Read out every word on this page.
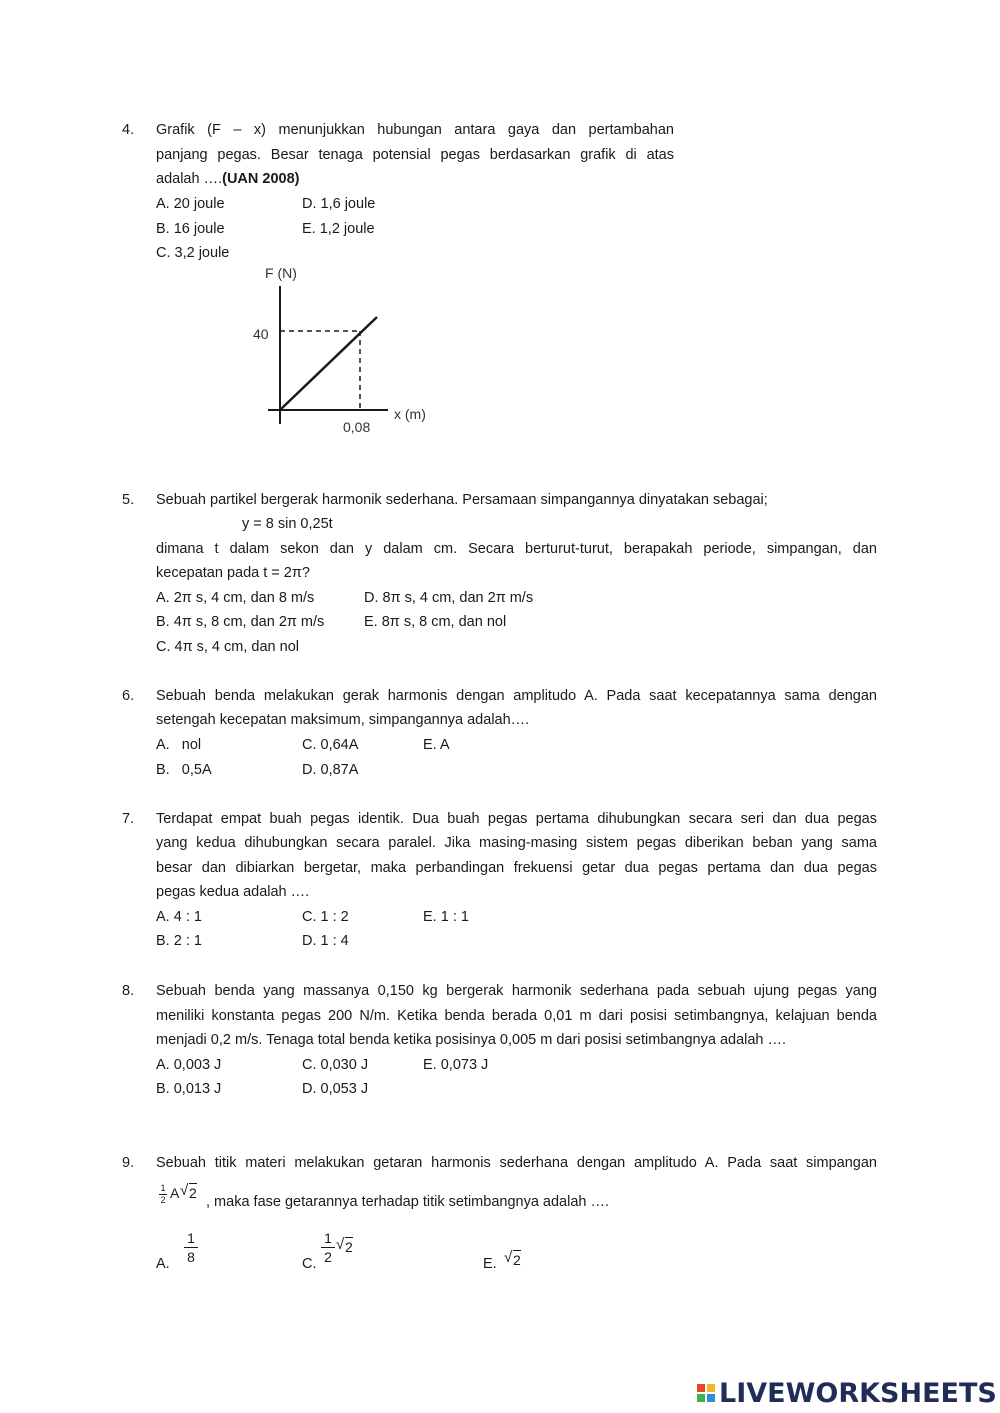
4. Grafik (F – x) menunjukkan hubungan antara gaya dan pertambahan
panjang pegas. Besar tenaga potensial pegas berdasarkan grafik di atas
adalah ….(UAN 2008)
A. 20 joule	D. 1,6 joule
B. 16 joule	E. 1,2 joule
C. 3,2 joule
F (N)
x (m)
40
0,08
5. Sebuah partikel bergerak harmonik sederhana. Persamaan simpangannya dinyatakan sebagai;
y = 8 sin 0,25t
dimana t dalam sekon dan y dalam cm. Secara berturut-turut, berapakah periode, simpangan, dan
kecepatan pada t = 2π?
A. 2π s, 4 cm, dan 8 m/s	D. 8π s, 4 cm, dan 2π m/s
B. 4π s, 8 cm, dan 2π m/s	E. 8π s, 8 cm, dan nol
C. 4π s, 4 cm, dan nol
6. Sebuah benda melakukan gerak harmonis dengan amplitudo A. Pada saat kecepatannya sama dengan
setengah kecepatan maksimum, simpangannya adalah….
A.   nol	C. 0,64A	E. A
B.   0,5A	D. 0,87A
7. Terdapat empat buah pegas identik. Dua buah pegas pertama dihubungkan secara seri dan dua pegas
yang kedua dihubungkan secara paralel. Jika masing-masing sistem pegas diberikan beban yang sama
besar dan dibiarkan bergetar, maka perbandingan frekuensi getar dua pegas pertama dan dua pegas
pegas kedua adalah ….
A. 4 : 1	C. 1 : 2	E. 1 : 1
B. 2 : 1	D. 1 : 4
8. Sebuah benda yang massanya 0,150 kg bergerak harmonik sederhana pada sebuah ujung pegas yang
meniliki konstanta pegas 200 N/m. Ketika benda berada 0,01 m dari posisi setimbangnya, kelajuan benda
menjadi 0,2 m/s. Tenaga total benda ketika posisinya 0,005 m dari posisi setimbangnya adalah ….
A. 0,003 J	C. 0,030 J	E. 0,073 J
B. 0,013 J	D. 0,053 J
9. Sebuah titik materi melakukan getaran harmonis sederhana dengan amplitudo A. Pada saat simpangan
1
2 A √ 2
, maka fase getarannya terhadap titik setimbangnya adalah ….
A.
1
8	C.
1
2
√ 2
E. √ 2
LIVEWORKSHEETS
